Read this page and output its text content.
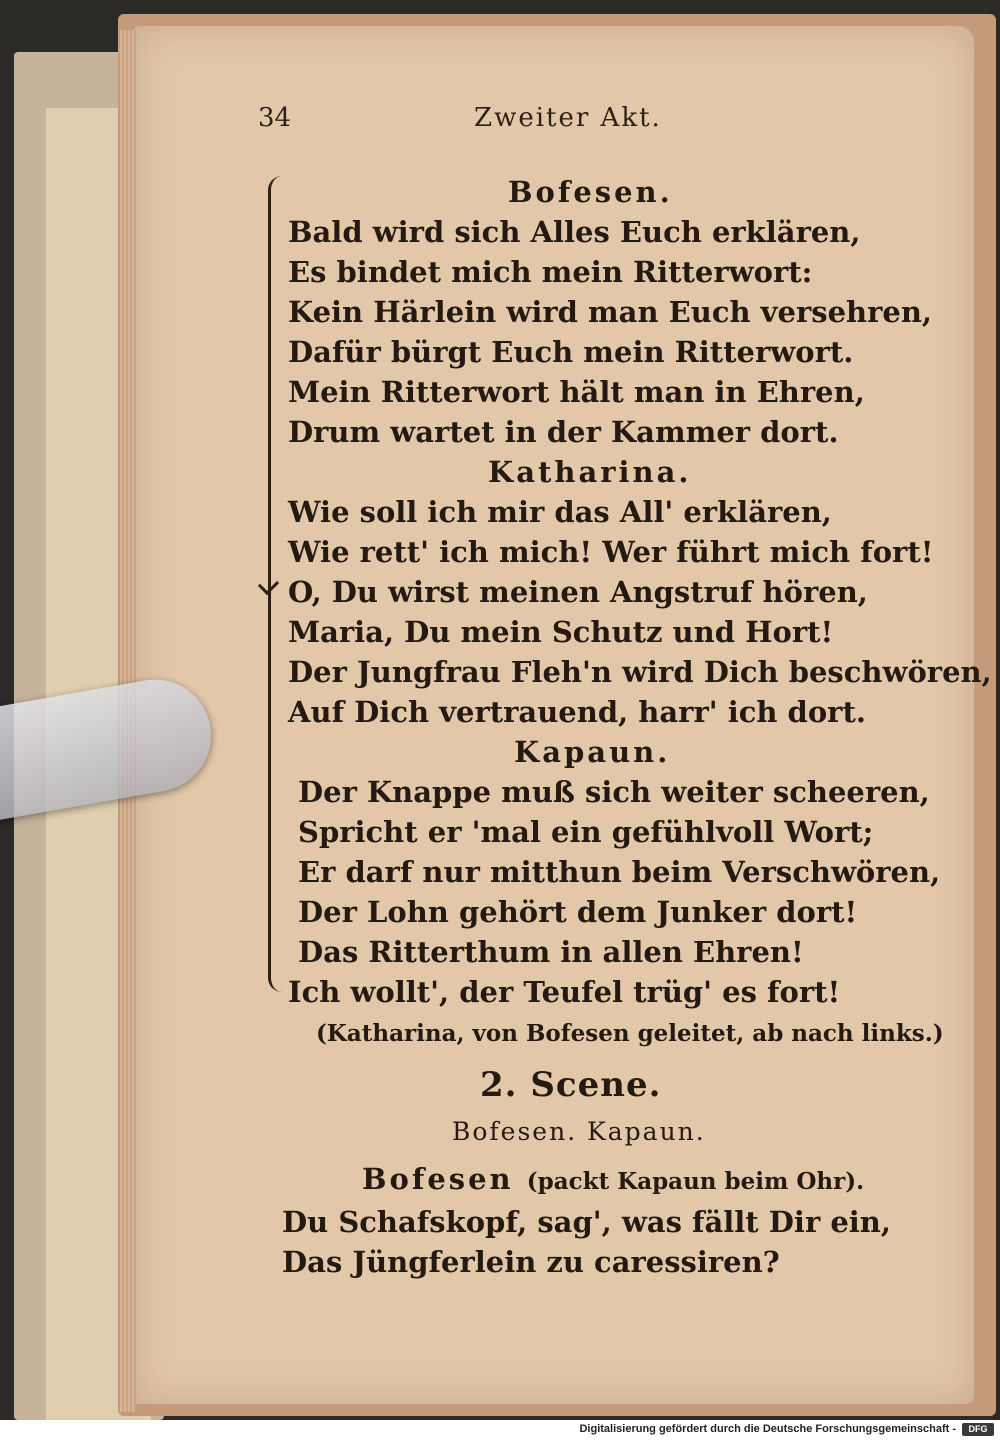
34	Zweiter Akt.
Bofesen.
Bald wird sich Alles Euch erklären,
Es bindet mich mein Ritterwort:
Kein Härlein wird man Euch versehren,
Dafür bürgt Euch mein Ritterwort.
Mein Ritterwort hält man in Ehren,
Drum wartet in der Kammer dort.
Katharina.
Wie soll ich mir das All' erklären,
Wie rett' ich mich! Wer führt mich fort!
O, Du wirst meinen Angstruf hören,
Maria, Du mein Schutz und Hort!
Der Jungfrau Fleh'n wird Dich beschwören,
Auf Dich vertrauend, harr' ich dort.
Kapaun.
Der Knappe muß sich weiter scheeren,
Spricht er 'mal ein gefühlvoll Wort;
Er darf nur mitthun beim Verschwören,
Der Lohn gehört dem Junker dort!
Das Ritterthum in allen Ehren!
Ich wollt', der Teufel trüg' es fort!
(Katharina, von Bofesen geleitet, ab nach links.)
2. Scene.
Bofesen. Kapaun.
Bofesen (packt Kapaun beim Ohr).
Du Schafskopf, sag', was fällt Dir ein,
Das Jüngferlein zu caressiren?
Digitalisierung gefördert durch die Deutsche Forschungsgemeinschaft -	DFG
